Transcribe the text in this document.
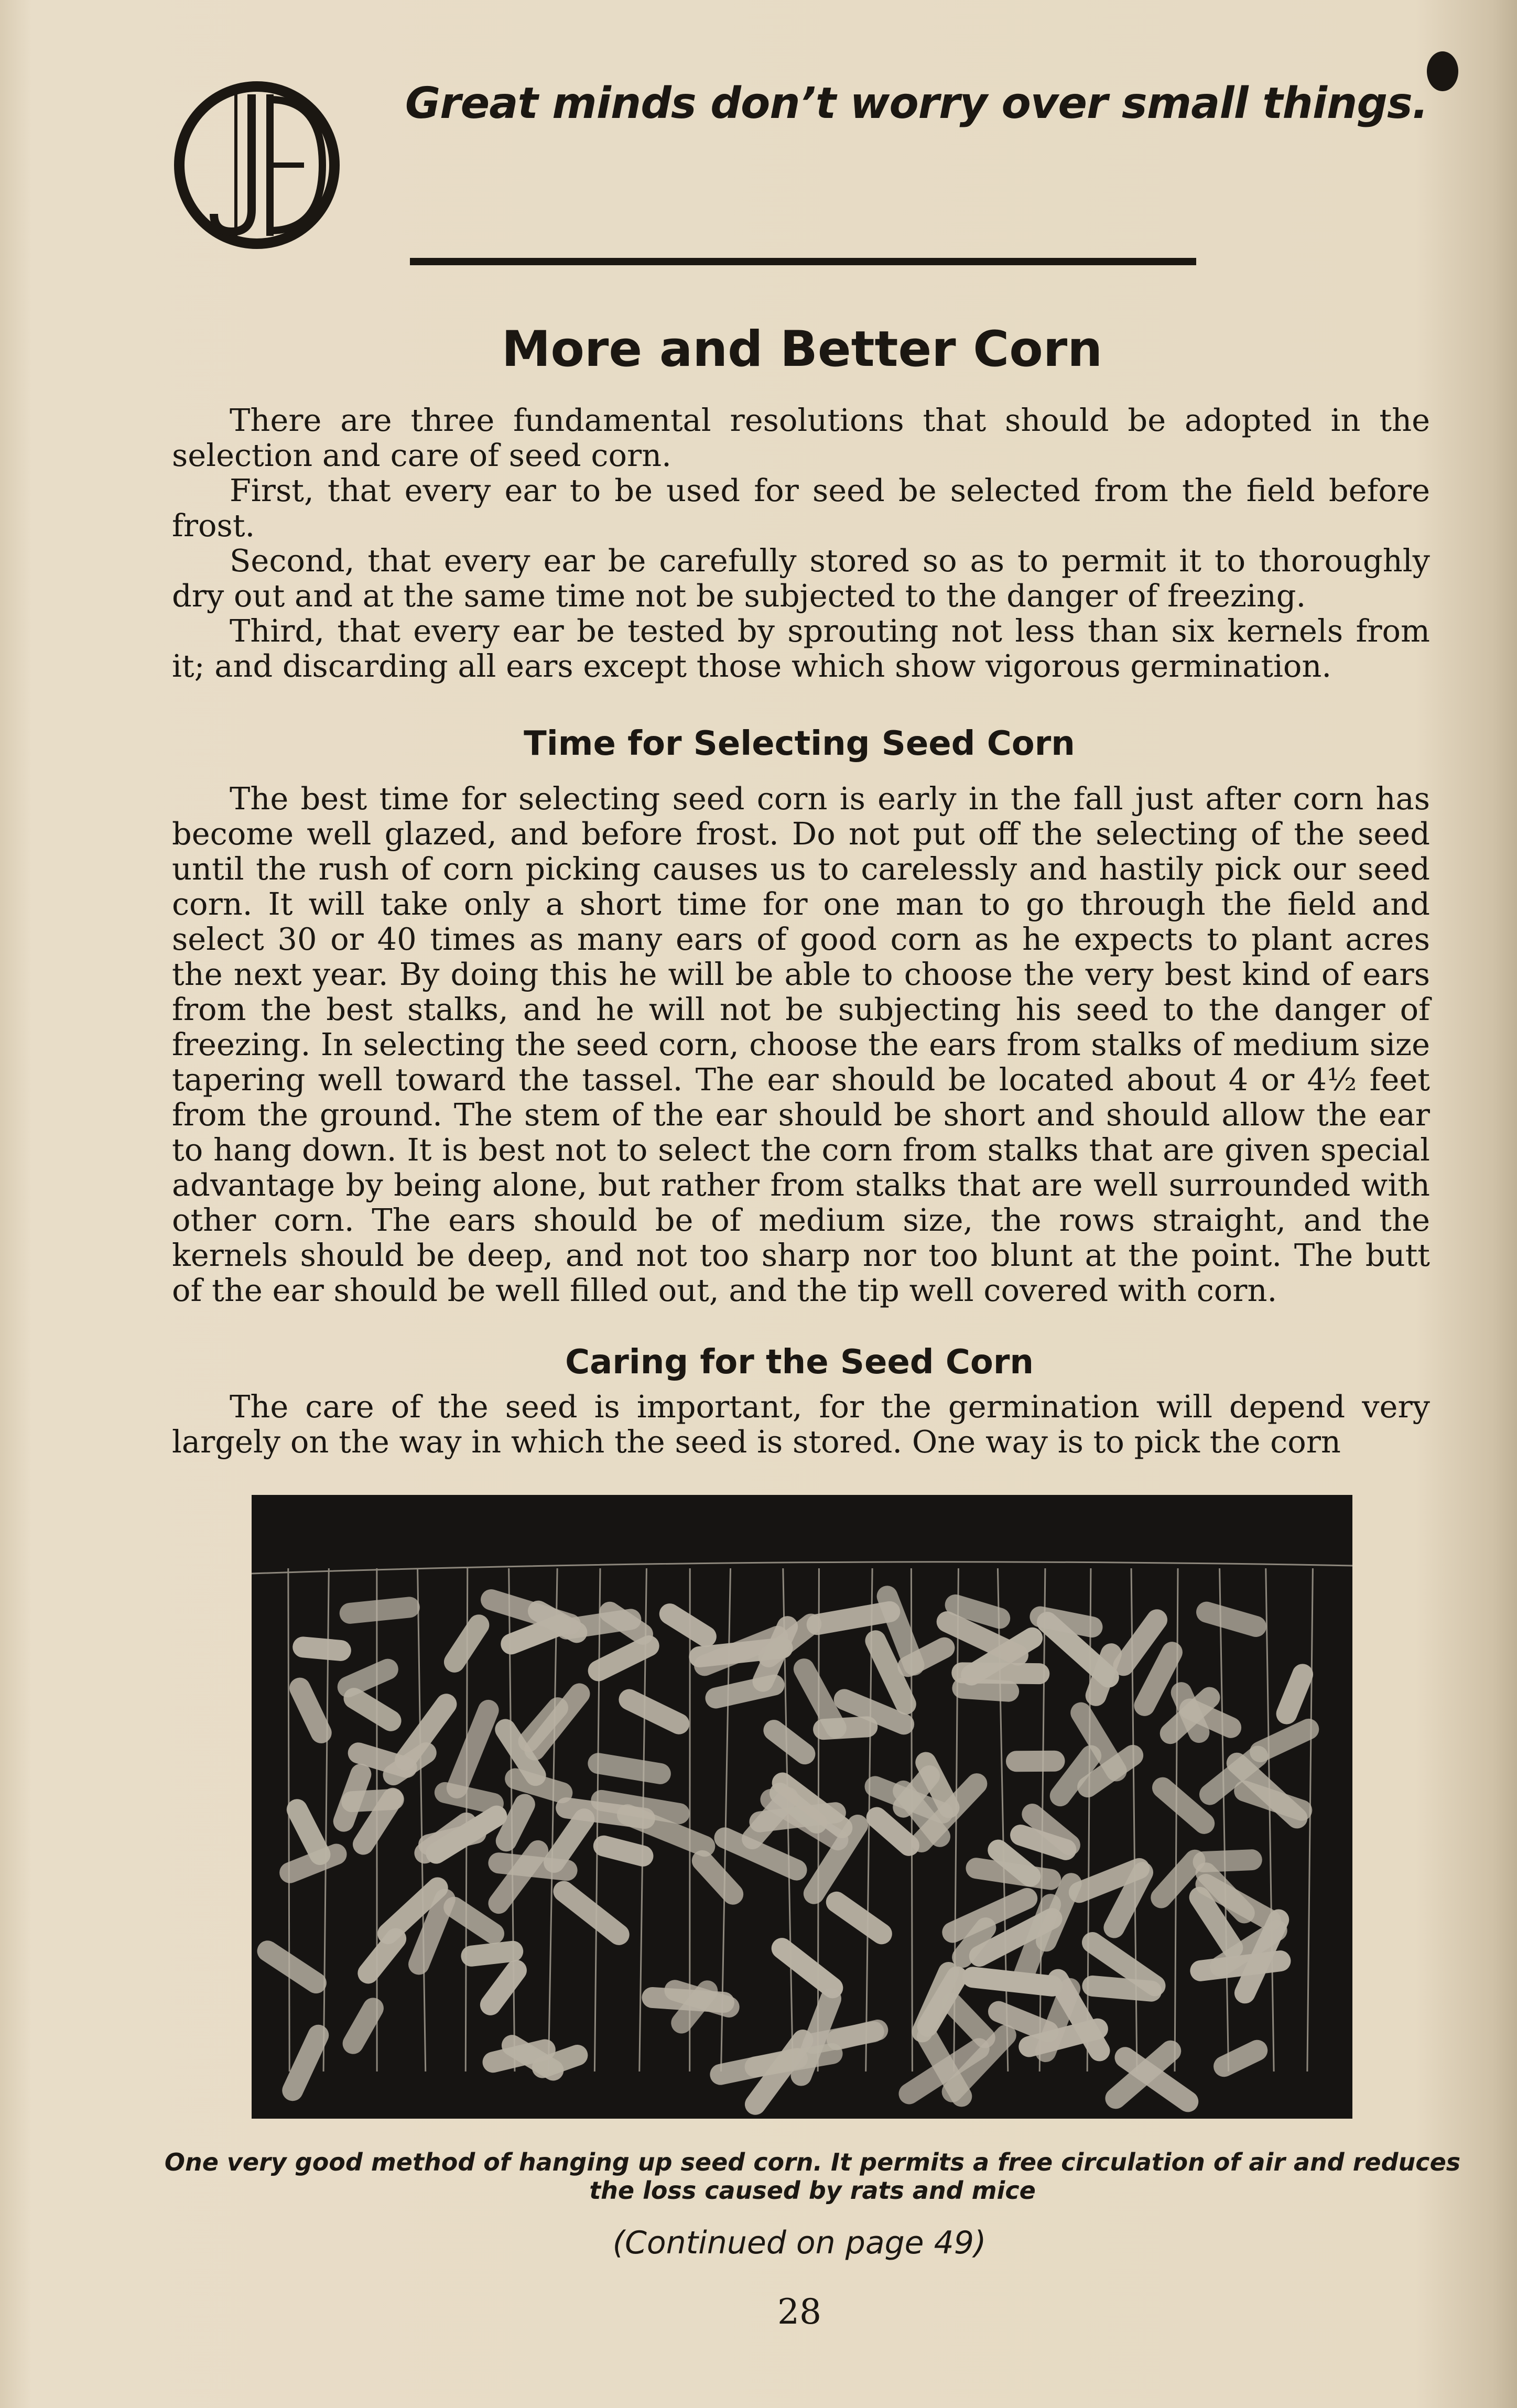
Great minds don’t worry over small things.
More and Better Corn

There are three fundamental resolutions that should be adopted in the selection and care of seed corn.

First, that every ear to be used for seed be selected from the field before frost.

Second, that every ear be carefully stored so as to permit it to thoroughly dry out and at the same time not be subjected to the danger of freezing.

Third, that every ear be tested by sprouting not less than six kernels from it; and discarding all ears except those which show vigorous germination.

Time for Selecting Seed Corn

The best time for selecting seed corn is early in the fall just after corn has become well glazed, and before frost. Do not put off the selecting of the seed until the rush of corn picking causes us to carelessly and hastily pick our seed corn. It will take only a short time for one man to go through the field and select 30 or 40 times as many ears of good corn as he expects to plant acres the next year. By doing this he will be able to choose the very best kind of ears from the best stalks, and he will not be subjecting his seed to the danger of freezing. In selecting the seed corn, choose the ears from stalks of medium size tapering well toward the tassel. The ear should be located about 4 or 4½ feet from the ground. The stem of the ear should be short and should allow the ear to hang down. It is best not to select the corn from stalks that are given special advantage by being alone, but rather from stalks that are well surrounded with other corn. The ears should be of medium size, the rows straight, and the kernels should be deep, and not too sharp nor too blunt at the point. The butt of the ear should be well filled out, and the tip well covered with corn.

Caring for the Seed Corn

The care of the seed is important, for the germination will depend very largely on the way in which the seed is stored. One way is to pick the corn

One very good method of hanging up seed corn. It permits a free circulation of air and reduces the loss caused by rats and mice
(Continued on page 49)
28
